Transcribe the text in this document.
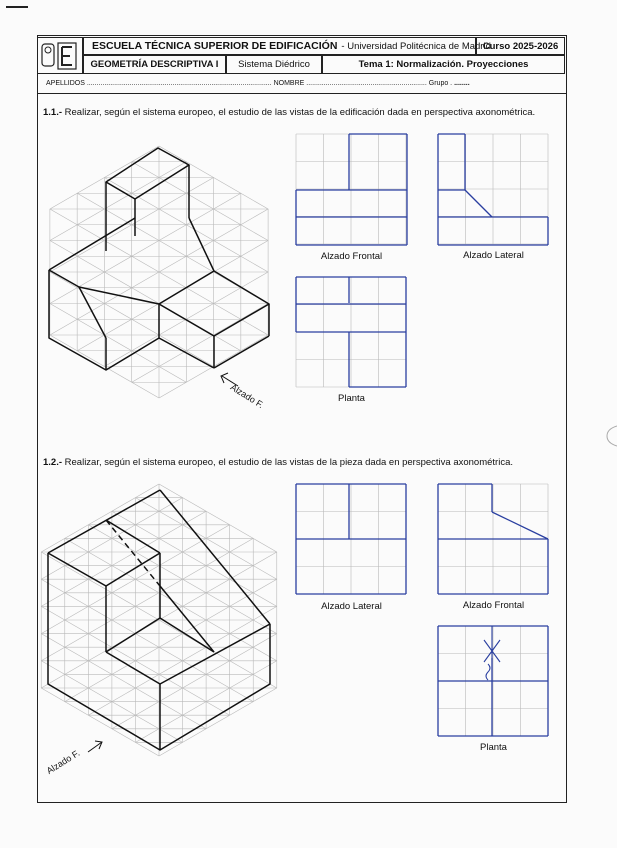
ESCUELA TÉCNICA SUPERIOR DE EDIFICACIÓN - Universidad Politécnica de Madrid
Curso 2025-2026
GEOMETRÍA DESCRIPTIVA I Sistema Diédrico	Tema 1: Normalización. Proyecciones
APELLIDOS ............................................................................................... NOMBRE .............................................................. Grupo . ........
1.1.- Realizar, según el sistema europeo, el estudio de las vistas de la edificación dada en perspectiva axonométrica.
1.2.- Realizar, según el sistema europeo, el estudio de las vistas de la pieza dada en perspectiva axonométrica.
Alzado Frontal	Alzado Lateral
Planta
Alzado F.
Alzado Lateral	Alzado Frontal
Planta
Alzado F.
